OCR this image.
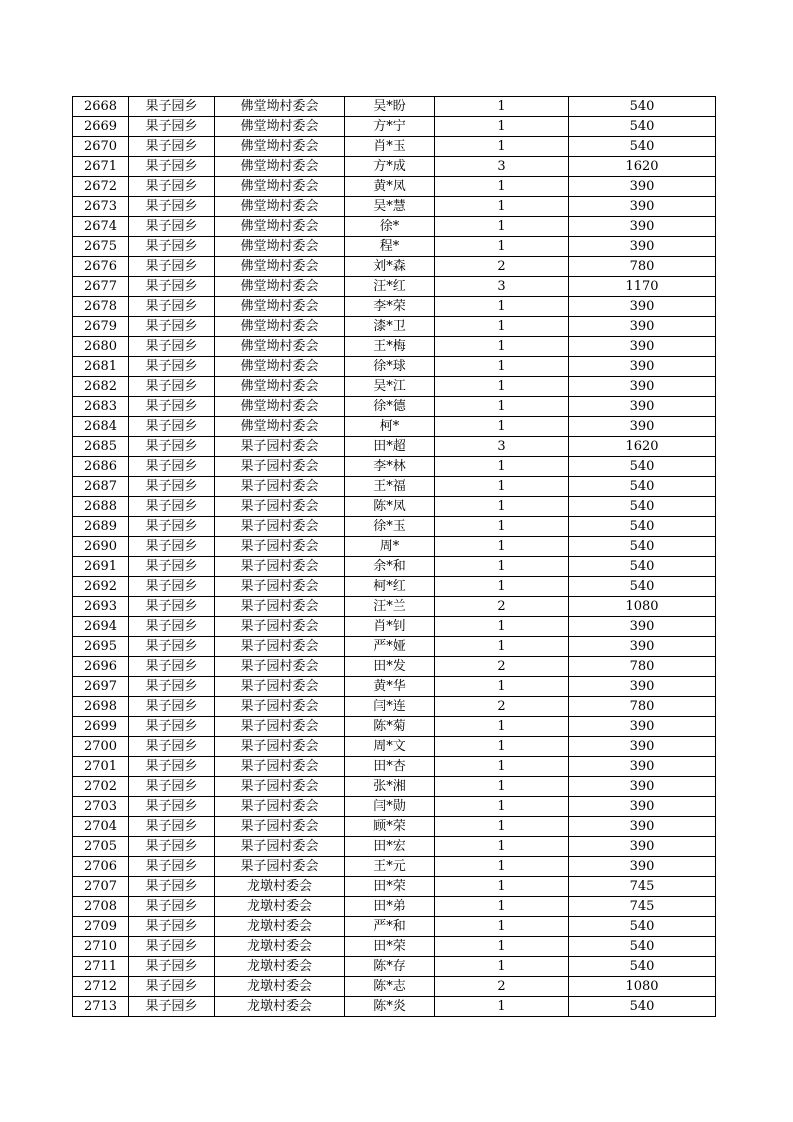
2668	果子园乡	佛堂坳村委会	吴*盼	1	540
2669	果子园乡	佛堂坳村委会	方*宁	1	540
2670	果子园乡	佛堂坳村委会	肖*玉	1	540
2671	果子园乡	佛堂坳村委会	方*成	3	1620
2672	果子园乡	佛堂坳村委会	黄*凤	1	390
2673	果子园乡	佛堂坳村委会	吴*慧	1	390
2674	果子园乡	佛堂坳村委会	徐*	1	390
2675	果子园乡	佛堂坳村委会	程*	1	390
2676	果子园乡	佛堂坳村委会	刘*森	2	780
2677	果子园乡	佛堂坳村委会	汪*红	3	1170
2678	果子园乡	佛堂坳村委会	李*荣	1	390
2679	果子园乡	佛堂坳村委会	漆*卫	1	390
2680	果子园乡	佛堂坳村委会	王*梅	1	390
2681	果子园乡	佛堂坳村委会	徐*球	1	390
2682	果子园乡	佛堂坳村委会	吴*江	1	390
2683	果子园乡	佛堂坳村委会	徐*德	1	390
2684	果子园乡	佛堂坳村委会	柯*	1	390
2685	果子园乡	果子园村委会	田*超	3	1620
2686	果子园乡	果子园村委会	李*林	1	540
2687	果子园乡	果子园村委会	王*福	1	540
2688	果子园乡	果子园村委会	陈*凤	1	540
2689	果子园乡	果子园村委会	徐*玉	1	540
2690	果子园乡	果子园村委会	周*	1	540
2691	果子园乡	果子园村委会	余*和	1	540
2692	果子园乡	果子园村委会	柯*红	1	540
2693	果子园乡	果子园村委会	汪*兰	2	1080
2694	果子园乡	果子园村委会	肖*钊	1	390
2695	果子园乡	果子园村委会	严*娅	1	390
2696	果子园乡	果子园村委会	田*发	2	780
2697	果子园乡	果子园村委会	黄*华	1	390
2698	果子园乡	果子园村委会	闫*连	2	780
2699	果子园乡	果子园村委会	陈*菊	1	390
2700	果子园乡	果子园村委会	周*文	1	390
2701	果子园乡	果子园村委会	田*杏	1	390
2702	果子园乡	果子园村委会	张*湘	1	390
2703	果子园乡	果子园村委会	闫*勋	1	390
2704	果子园乡	果子园村委会	顾*荣	1	390
2705	果子园乡	果子园村委会	田*宏	1	390
2706	果子园乡	果子园村委会	王*元	1	390
2707	果子园乡	龙墩村委会	田*荣	1	745
2708	果子园乡	龙墩村委会	田*弟	1	745
2709	果子园乡	龙墩村委会	严*和	1	540
2710	果子园乡	龙墩村委会	田*荣	1	540
2711	果子园乡	龙墩村委会	陈*存	1	540
2712	果子园乡	龙墩村委会	陈*志	2	1080
2713	果子园乡	龙墩村委会	陈*炎	1	540
